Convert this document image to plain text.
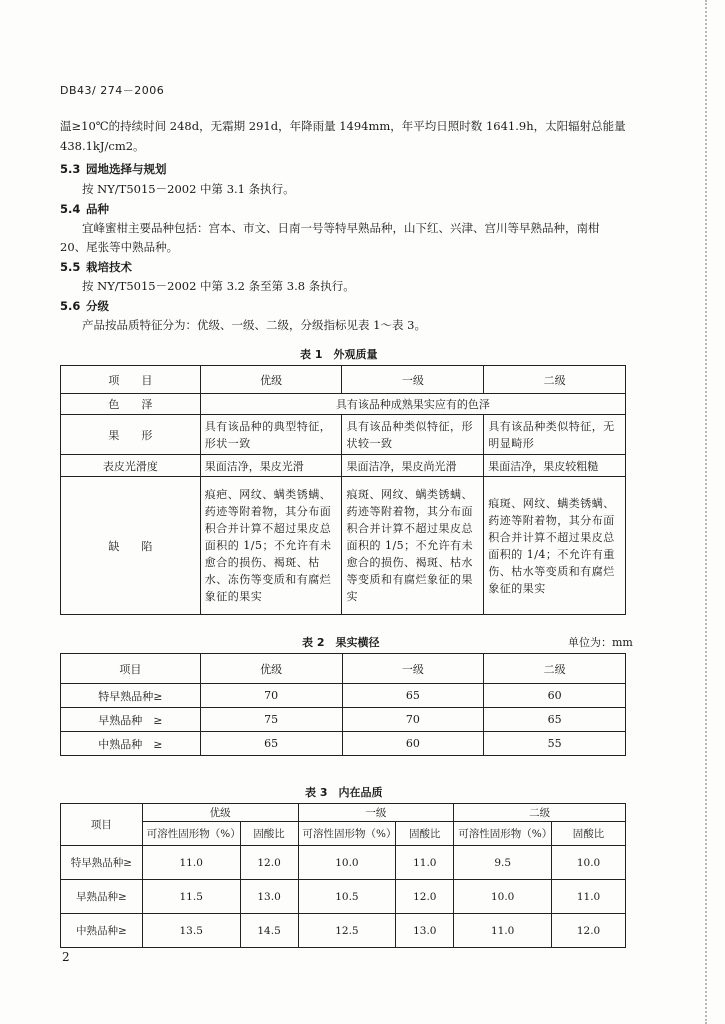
DB43/ 274－2006
温≥10℃的持续时间 248d，无霜期 291d，年降雨量 1494mm，年平均日照时数 1641.9h，太阳辐射总能量
438.1kJ/cm2。
5.3 园地选择与规划
按 NY/T5015－2002 中第 3.1 条执行。
5.4 品种
宜峰蜜柑主要品种包括：宫本、市文、日南一号等特早熟品种，山下红、兴津、宫川等早熟品种，南柑
20、尾张等中熟品种。
5.5 栽培技术
按 NY/T5015－2002 中第 3.2 条至第 3.8 条执行。
5.6 分级
产品按品质特征分为：优级、一级、二级，分级指标见表 1～表 3。
表 1　外观质量
项　　目	优级	一级	二级
色　　泽	具有该品种成熟果实应有的色泽		
果　　形	具有该品种的典型特征，形状一致	具有该品种类似特征，形状较一致	具有该品种类似特征，无明显畸形
表皮光滑度	果面洁净，果皮光滑	果面洁净，果皮尚光滑	果面洁净，果皮较粗糙
缺　　陷	痕疤、网纹、螨类锈螨、药迹等附着物，其分布面积合并计算不超过果皮总面积的 1/5；不允许有未愈合的损伤、褐斑、枯水、冻伤等变质和有腐烂象征的果实	痕斑、网纹、螨类锈螨、药迹等附着物，其分布面积合并计算不超过果皮总面积的 1/5；不允许有未愈合的损伤、褐斑、枯水等变质和有腐烂象征的果实	痕斑、网纹、螨类锈螨、药迹等附着物，其分布面积合并计算不超过果皮总面积的 1/4；不允许有重伤、枯水等变质和有腐烂象征的果实
表 2　果实横径	单位为：mm
项目	优级	一级	二级
特早熟品种≥	70	65	60
早熟品种　≥	75	70	65
中熟品种　≥	65	60	55
表 3　内在品质
项目	优级		一级		二级	
	可溶性固形物（%）	固酸比	可溶性固形物（%）	固酸比	可溶性固形物（%）	固酸比
特早熟品种≥	11.0	12.0	10.0	11.0	9.5	10.0
早熟品种≥	11.5	13.0	10.5	12.0	10.0	11.0
中熟品种≥	13.5	14.5	12.5	13.0	11.0	12.0
2
